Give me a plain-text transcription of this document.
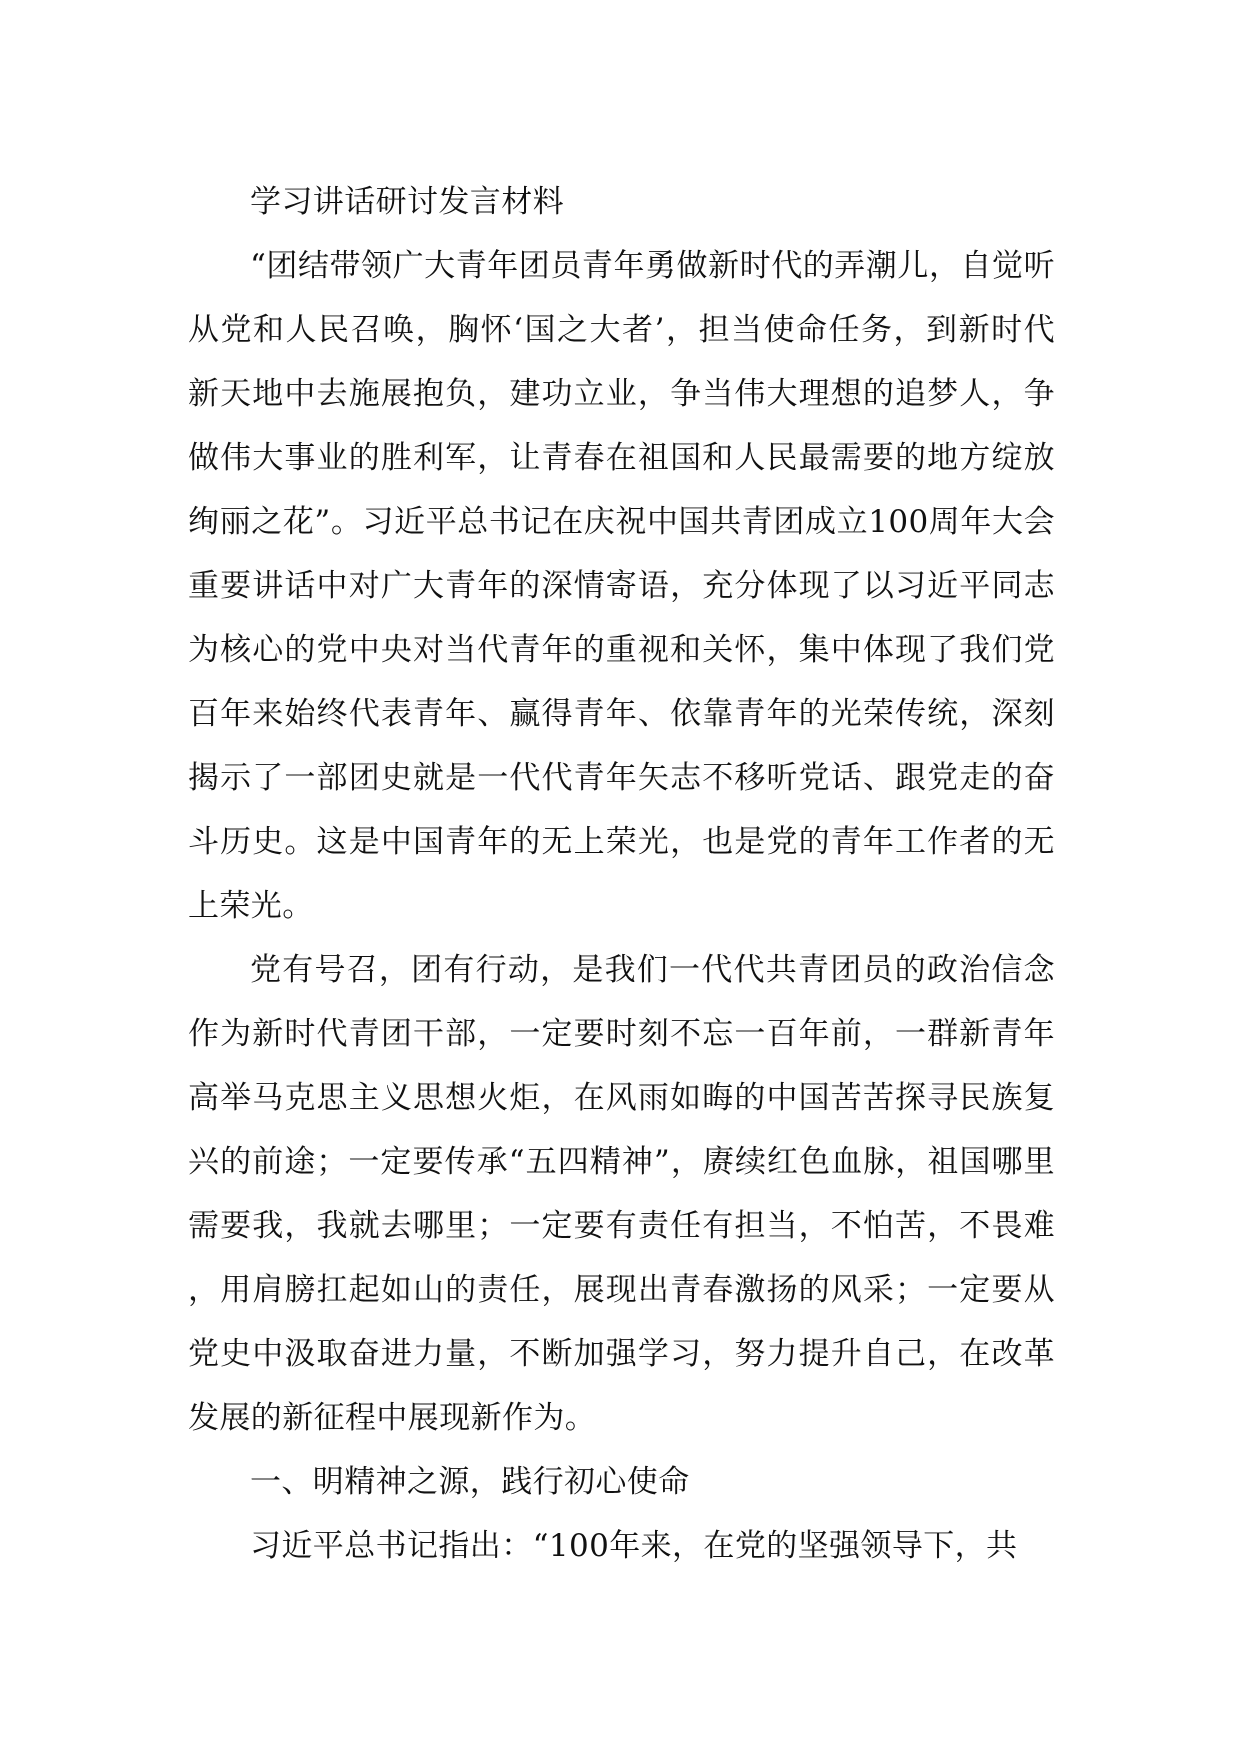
学习讲话研讨发言材料

“团结带领广大青年团员青年勇做新时代的弄潮儿，自觉听从党和人民召唤，胸怀‘国之大者’，担当使命任务，到新时代新天地中去施展抱负，建功立业，争当伟大理想的追梦人，争做伟大事业的胜利军，让青春在祖国和人民最需要的地方绽放绚丽之花”。习近平总书记在庆祝中国共青团成立100周年大会重要讲话中对广大青年的深情寄语，充分体现了以习近平同志为核心的党中央对当代青年的重视和关怀，集中体现了我们党百年来始终代表青年、赢得青年、依靠青年的光荣传统，深刻揭示了一部团史就是一代代青年矢志不移听党话、跟党走的奋斗历史。这是中国青年的无上荣光，也是党的青年工作者的无上荣光。

党有号召，团有行动，是我们一代代共青团员的政治信念作为新时代青团干部，一定要时刻不忘一百年前，一群新青年高举马克思主义思想火炬，在风雨如晦的中国苦苦探寻民族复兴的前途；一定要传承“五四精神”，赓续红色血脉，祖国哪里需要我，我就去哪里；一定要有责任有担当，不怕苦，不畏难，用肩膀扛起如山的责任，展现出青春激扬的风采；一定要从党史中汲取奋进力量，不断加强学习，努力提升自己，在改革发展的新征程中展现新作为。

一、明精神之源，践行初心使命

习近平总书记指出：“100年来，在党的坚强领导下，共
